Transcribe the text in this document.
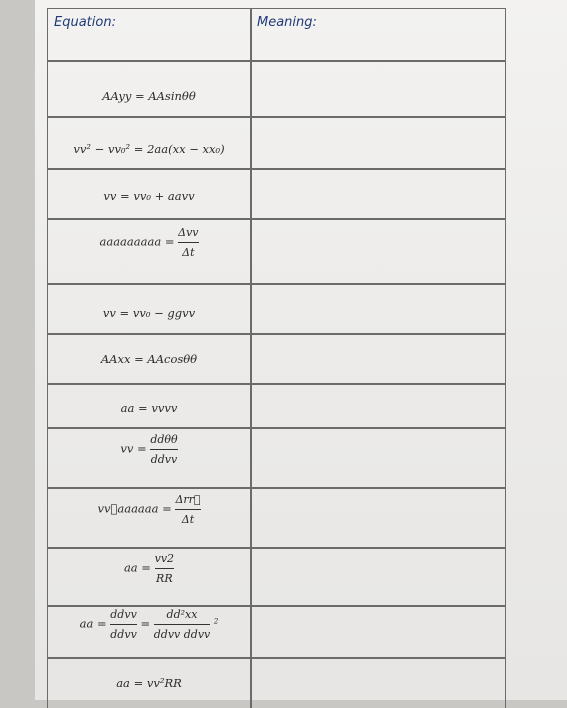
Equation:	Meaning:
AAyy = AAsinθθ
vv² − vv₀² = 2aa(xx − xx₀)
vv = vv₀ + aavv
aaaaaaaaa = $\frac{\text{Δvv}}{\Delta t}$
vv = vv₀ − ggvv
AAxx = AAcosθθ
aa = vvvv
vv = $\frac{\text{ddθθ}}{\text{ddvv}}$
vv⃗aaaaaa = $\frac{\text{Δrr⃗}}{\Delta t}$
aa = $\frac{vv2}{RR}$
aa = $\frac{\text{ddvv}}{\text{ddvv}} = \frac{\text{dd²xx}}{\text{ddvv ddvv}} ^2$
aa = vv²RR
